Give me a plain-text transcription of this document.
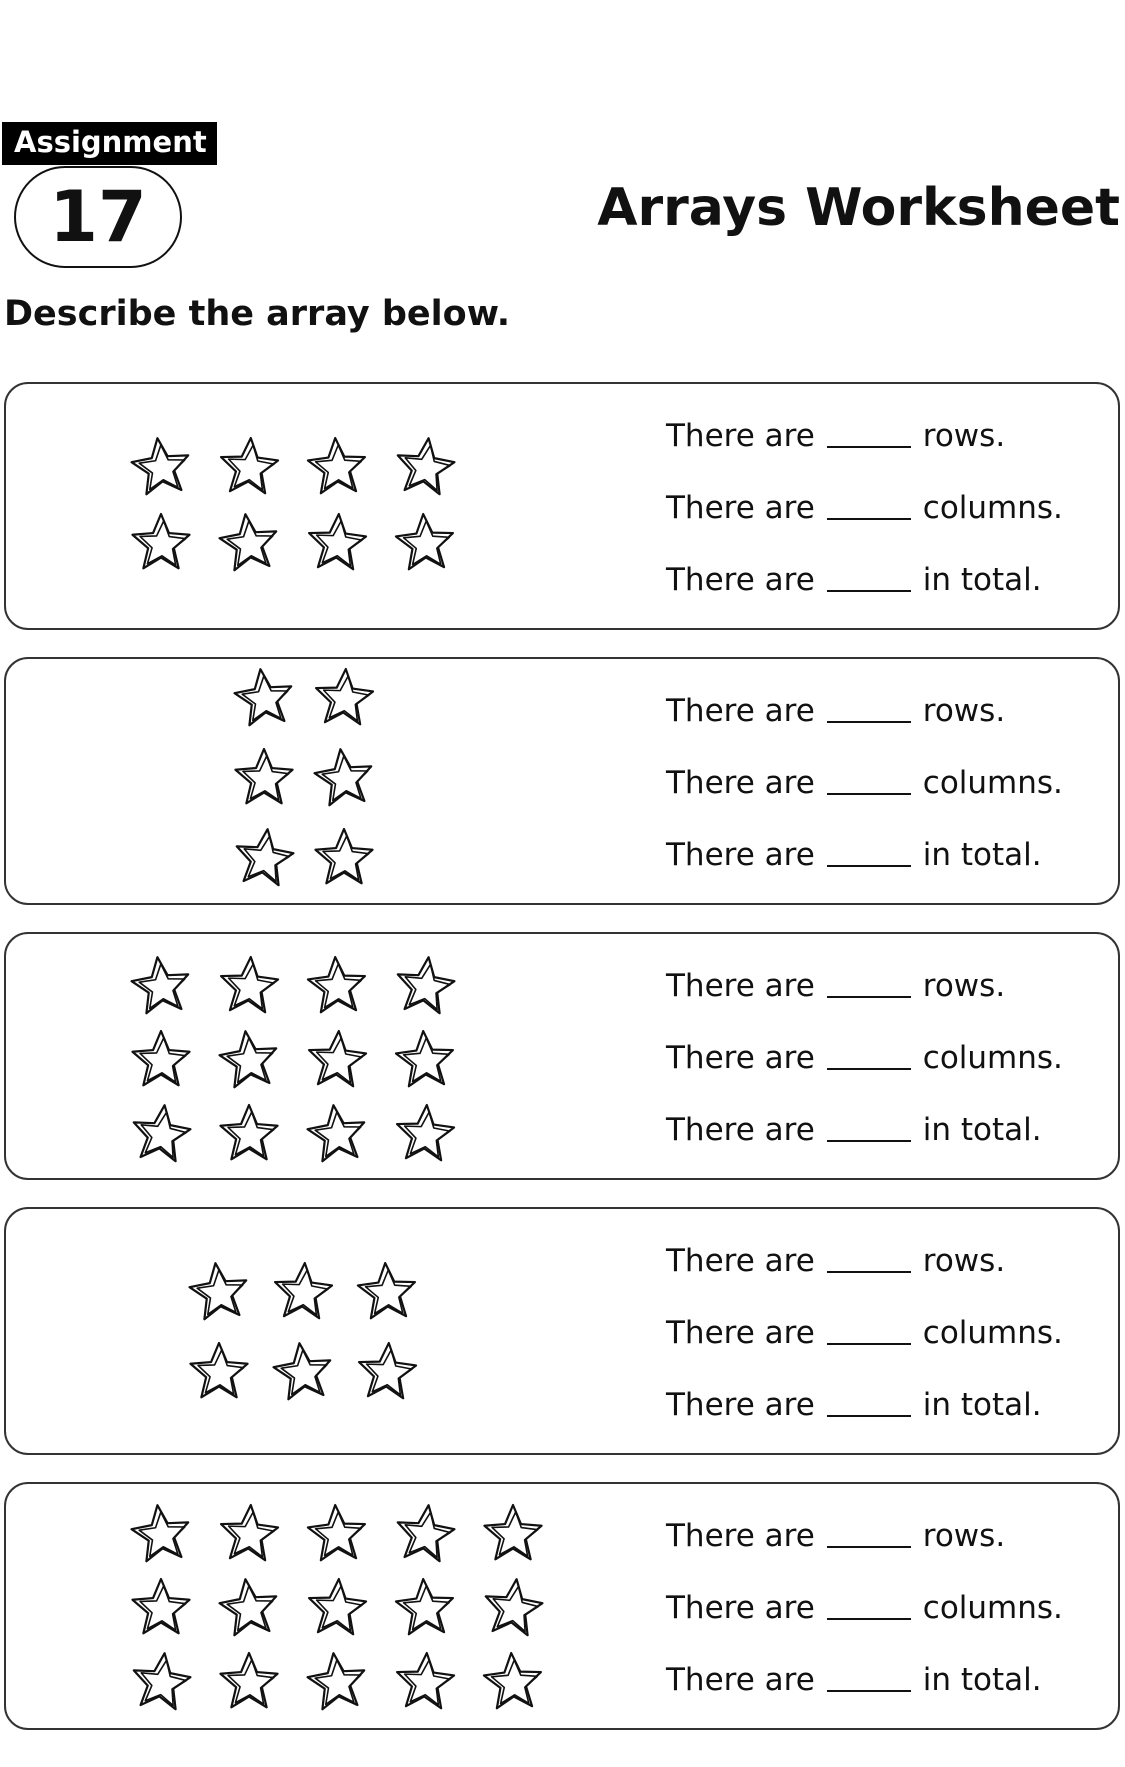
Assignment
17	Arrays Worksheet
Describe the array below.
There are	rows.
There are	columns.
There are	in total.
There are	rows.
There are	columns.
There are	in total.
There are	rows.
There are	columns.
There are	in total.
There are	rows.
There are	columns.
There are	in total.
There are	rows.
There are	columns.
There are	in total.
